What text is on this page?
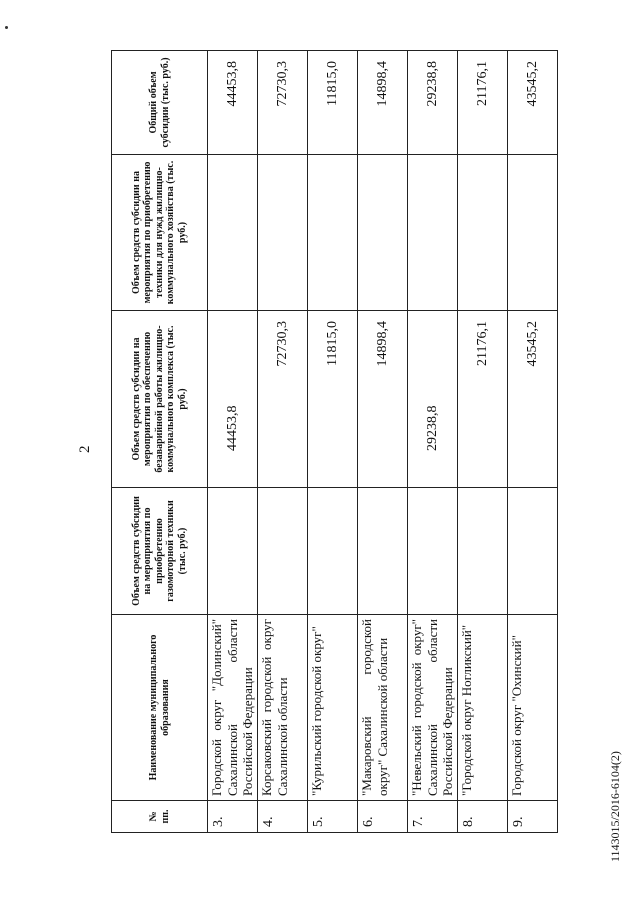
2
№ пп.	Наименование муниципального образования	Объем средств субсидии на мероприятия по приобретению газомоторной техники (тыс. руб.)	Объем средств субсидии на мероприятия по обеспечению безаварийной работы жилищно-коммунального комплекса (тыс. руб.)	Объем средств субсидии на мероприятия по приобретению техники для нужд жилищно-коммунального хозяйства (тыс. руб.)	Общий объем субсидии (тыс. руб.)
3.	Городской округ "Долинский" Сахалинской области Российской Федерации		44453,8		44453,8
4.	Корсаковский городской округ Сахалинской области		72730,3		72730,3
5.	"Курильский городской округ"		11815,0		11815,0
6.	"Макаровский городской округ" Сахалинской области		14898,4		14898,4
7.	"Невельский городской округ" Сахалинской области Российской Федерации		29238,8		29238,8
8.	"Городской округ Ногликский"		21176,1		21176,1
9.	Городской округ "Охинский"		43545,2		43545,2
1143015/2016-6104(2)
